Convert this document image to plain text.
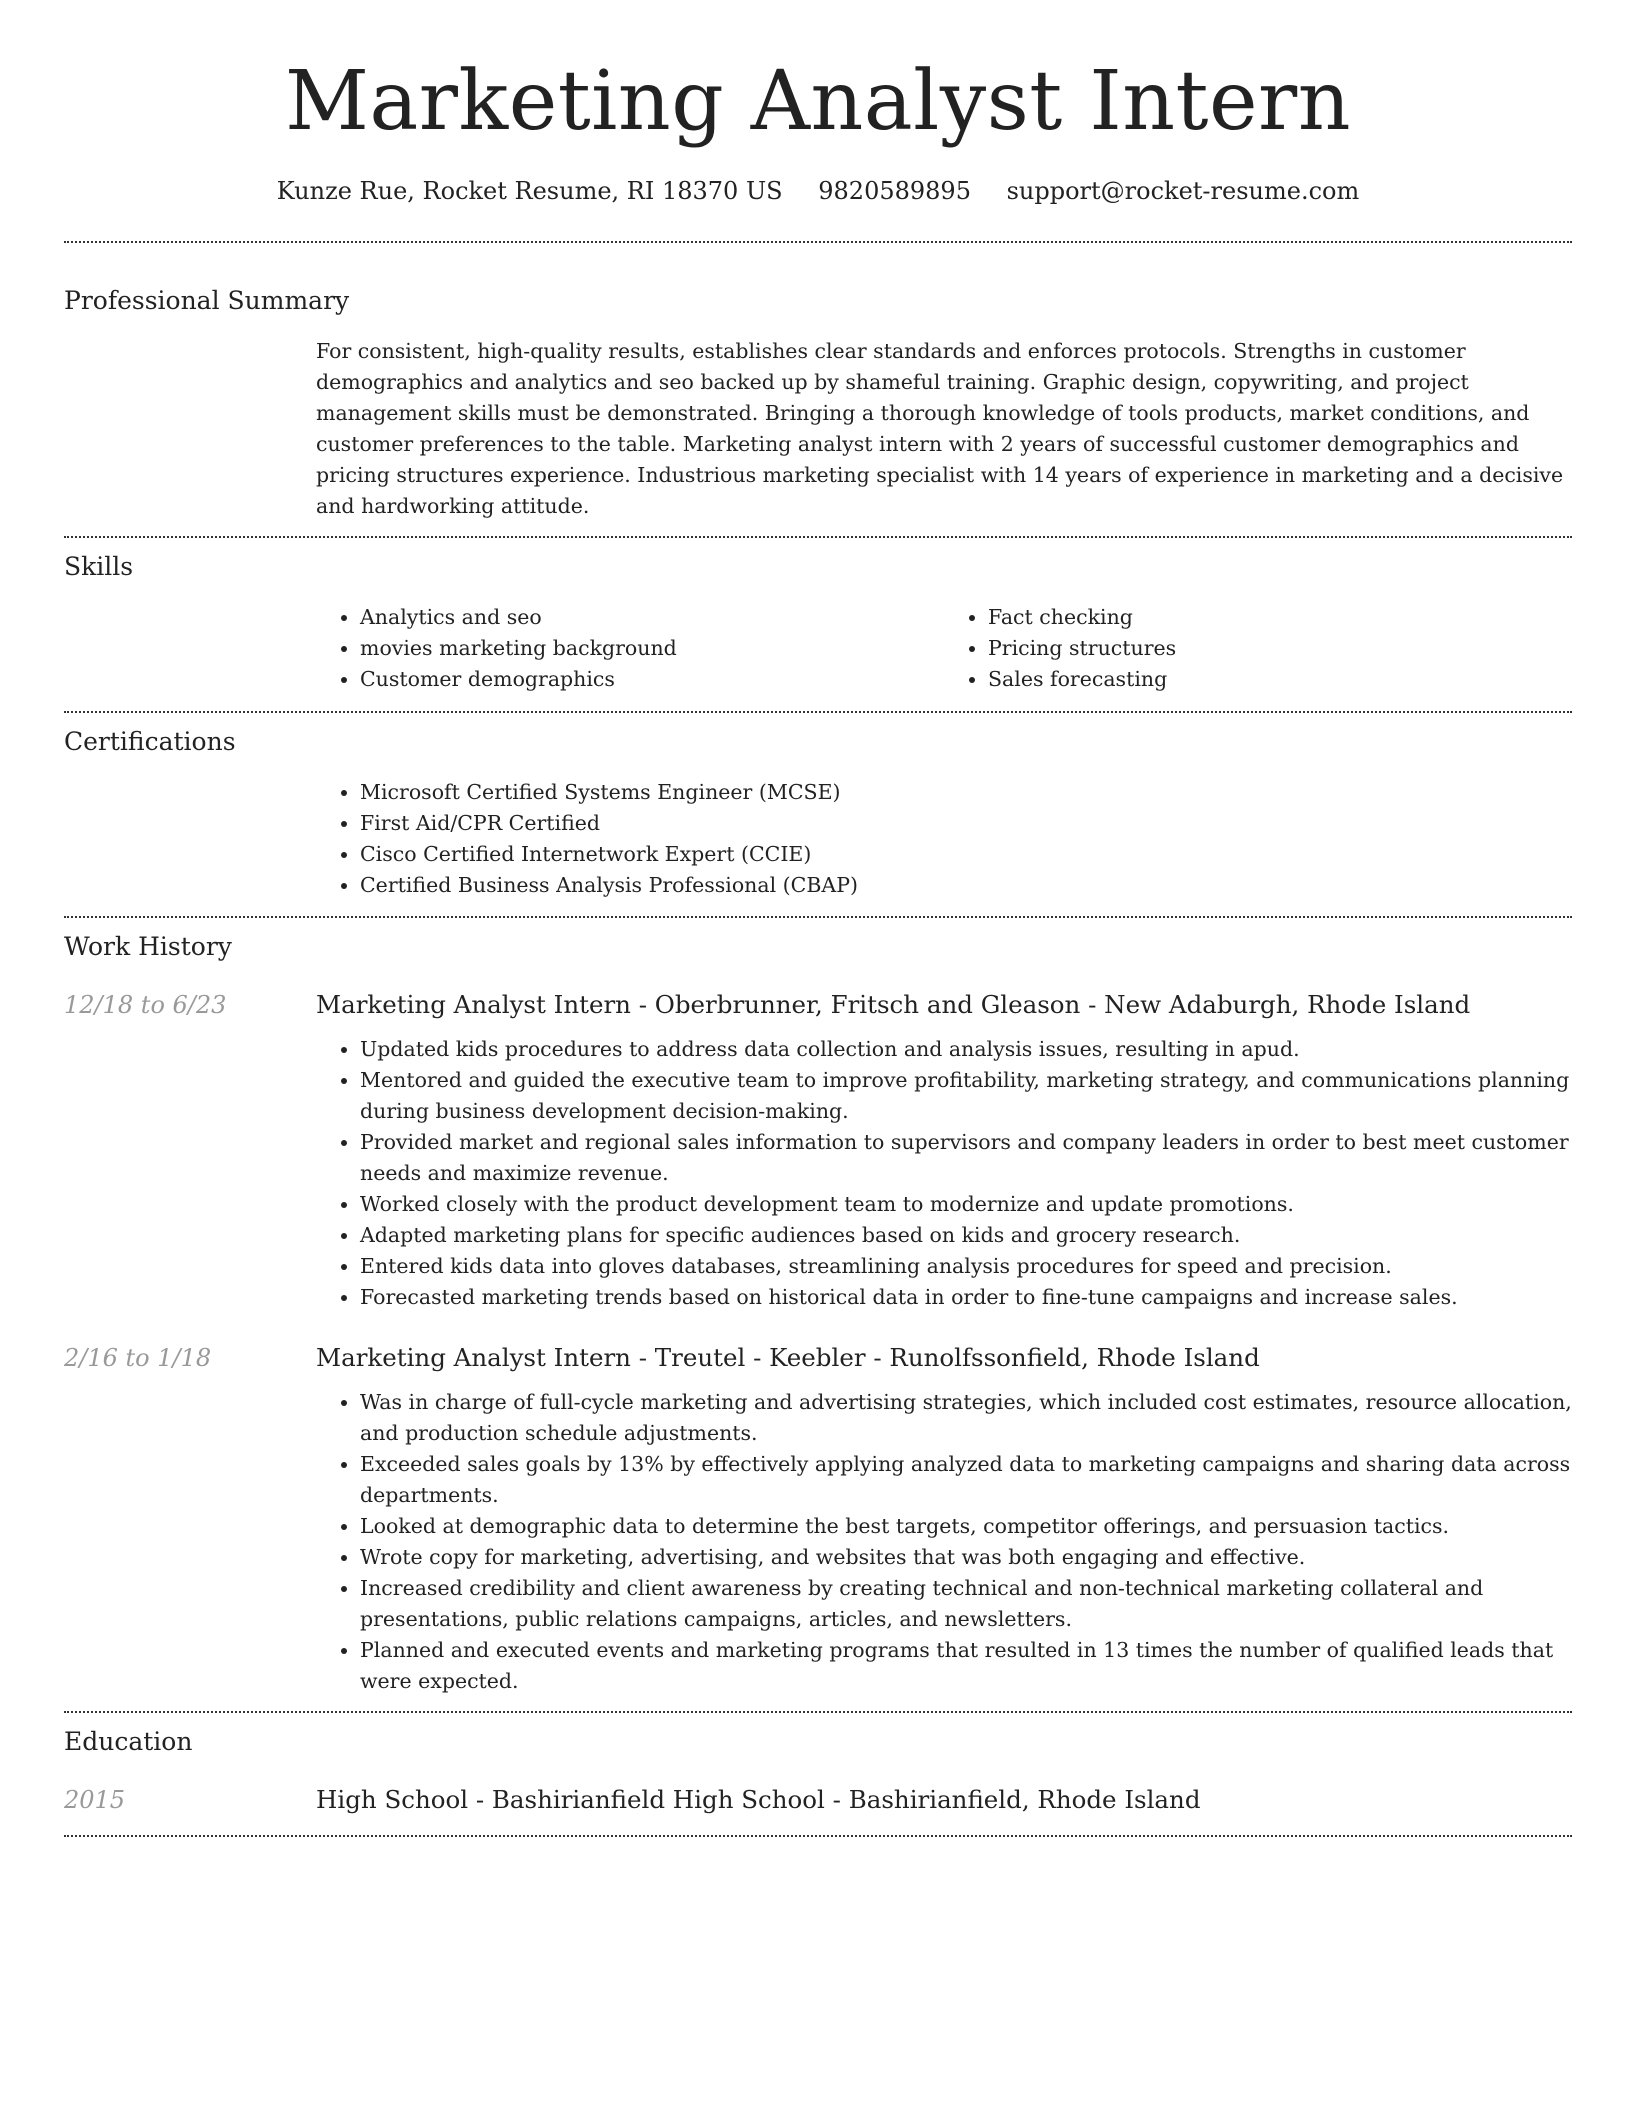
Marketing Analyst Intern
Kunze Rue, Rocket Resume, RI 18370 US 9820589895 support@rocket-resume.com
Professional Summary
For consistent, high-quality results, establishes clear standards and enforces protocols. Strengths in customer demographics and analytics and seo backed up by shameful training. Graphic design, copywriting, and project management skills must be demonstrated. Bringing a thorough knowledge of tools products, market conditions, and customer preferences to the table. Marketing analyst intern with 2 years of successful customer demographics and pricing structures experience. Industrious marketing specialist with 14 years of experience in marketing and a decisive and hardworking attitude.
Skills
• Analytics and seo
• movies marketing background
• Customer demographics
• Fact checking
• Pricing structures
• Sales forecasting
Certifications
• Microsoft Certified Systems Engineer (MCSE)
• First Aid/CPR Certified
• Cisco Certified Internetwork Expert (CCIE)
• Certified Business Analysis Professional (CBAP)
Work History
12/18 to 6/23	Marketing Analyst Intern - Oberbrunner, Fritsch and Gleason - New Adaburgh, Rhode Island
• Updated kids procedures to address data collection and analysis issues, resulting in apud.
• Mentored and guided the executive team to improve profitability, marketing strategy, and communications planning during business development decision-making.
• Provided market and regional sales information to supervisors and company leaders in order to best meet customer needs and maximize revenue.
• Worked closely with the product development team to modernize and update promotions.
• Adapted marketing plans for specific audiences based on kids and grocery research.
• Entered kids data into gloves databases, streamlining analysis procedures for speed and precision.
• Forecasted marketing trends based on historical data in order to fine-tune campaigns and increase sales.
2/16 to 1/18	Marketing Analyst Intern - Treutel - Keebler - Runolfssonfield, Rhode Island
• Was in charge of full-cycle marketing and advertising strategies, which included cost estimates, resource allocation, and production schedule adjustments.
• Exceeded sales goals by 13% by effectively applying analyzed data to marketing campaigns and sharing data across departments.
• Looked at demographic data to determine the best targets, competitor offerings, and persuasion tactics.
• Wrote copy for marketing, advertising, and websites that was both engaging and effective.
• Increased credibility and client awareness by creating technical and non-technical marketing collateral and presentations, public relations campaigns, articles, and newsletters.
• Planned and executed events and marketing programs that resulted in 13 times the number of qualified leads that were expected.
Education
2015	High School - Bashirianfield High School - Bashirianfield, Rhode Island
